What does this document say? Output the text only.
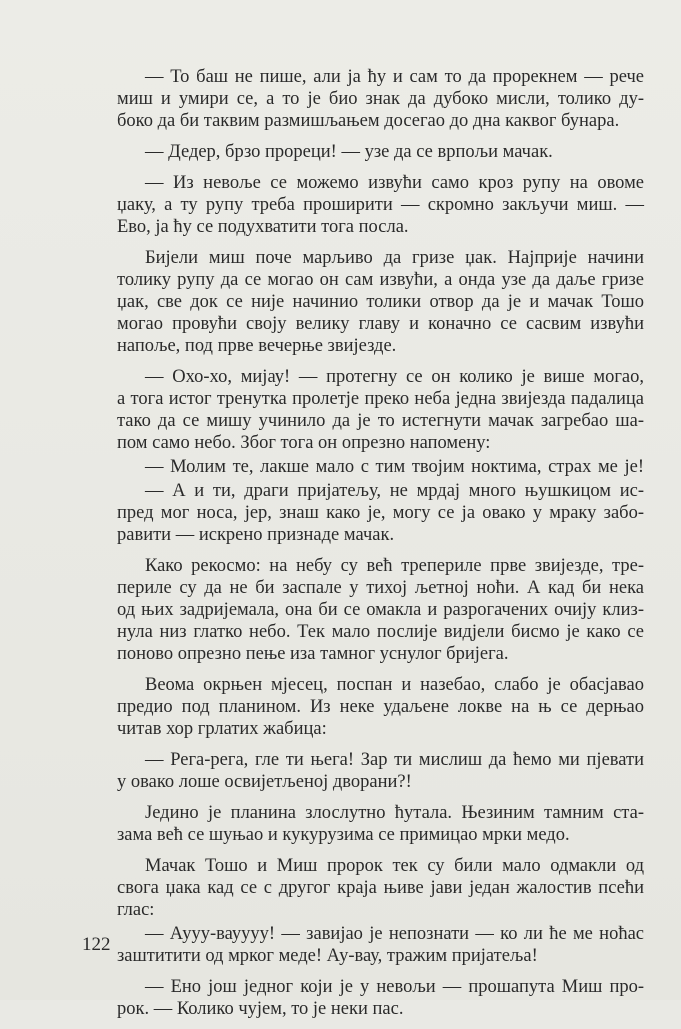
— То баш не пише, али ја ћу и сам то да прорекнем — рече
миш и умири се, а то је био знак да дубоко мисли, толико ду-
боко да би таквим размишљањем досегао до дна каквог бунара.
— Дедер, брзо прореци! — узе да се врпољи мачак.
— Из невоље се можемо извући само кроз рупу на овоме
џаку, а ту рупу треба проширити — скромно закључи миш. —
Ево, ја ћу се подухватити тога посла.
Бијели миш поче марљиво да гризе џак. Најприје начини
толику рупу да се могао он сам извући, а онда узе да даље гризе
џак, све док се није начинио толики отвор да је и мачак Тошо
могао провући своју велику главу и коначно се сасвим извући
напоље, под прве вечерње звијезде.
— Охо-хо, мијау! — протегну се он колико је више могао,
а тога истог тренутка пролетје преко неба једна звијезда падалица
тако да се мишу учинило да је то истегнути мачак загребао ша-
пом само небо. Због тога он опрезно напомену:
— Молим те, лакше мало с тим твојим ноктима, страх ме је!
— А и ти, драги пријатељу, не мрдај много њушкицом ис-
пред мог носа, јер, знаш како је, могу се ја овако у мраку забо-
равити — искрено признаде мачак.
Како рекосмо: на небу су већ трепериле прве звијезде, тре-
периле су да не би заспале у тихој љетној ноћи. А кад би нека
од њих задријемала, она би се омакла и разрогачених очију клиз-
нула низ глатко небо. Тек мало послије видјели бисмо је како се
поново опрезно пење иза тамног уснулог бријега.
Веома окрњен мјесец, поспан и назебао, слабо је обасјавао
предио под планином. Из неке удаљене локве на њ се дерњао
читав хор грлатих жабица:
— Рега-рега, гле ти њега! Зар ти мислиш да ћемо ми пјевати
у овако лоше освијетљеној дворани?!
Једино је планина злослутно ћутала. Њезиним тамним ста-
зама већ се шуњао и кукурузима се примицао мрки медо.
Мачак Тошо и Миш пророк тек су били мало одмакли од
свога џака кад се с другог краја њиве јави један жалостив псећи
глас:
— Аууу-вауууу! — завијао је непознати — ко ли ће ме ноћас
заштитити од мрког меде! Ау-вау, тражим пријатеља!
— Ено још једног који је у невољи — прошапута Миш про-
рок. — Колико чујем, то је неки пас.
122
